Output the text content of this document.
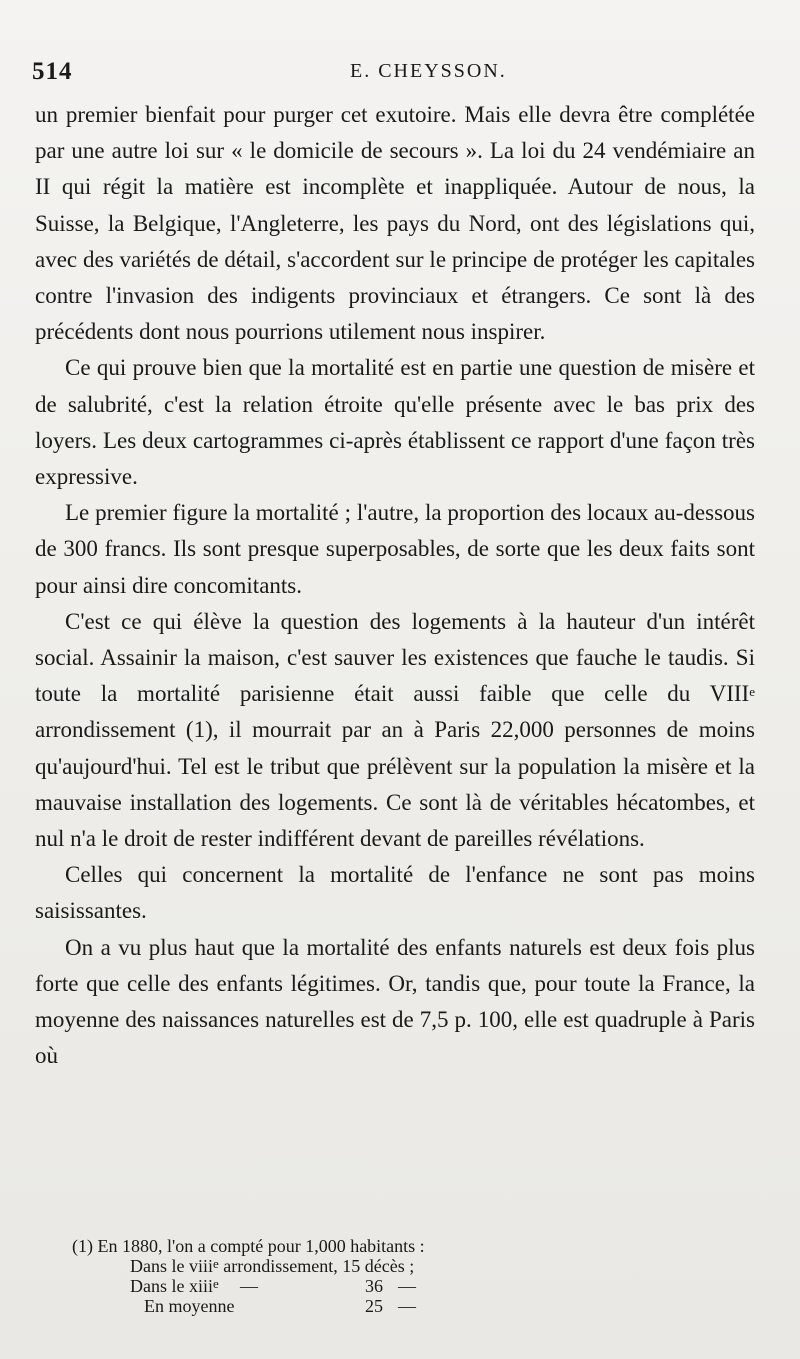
514	E. CHEYSSON.

un premier bienfait pour purger cet exutoire. Mais elle devra être complétée par une autre loi sur « le domicile de secours ». La loi du 24 vendémiaire an II qui régit la matière est incomplète et inappliquée. Autour de nous, la Suisse, la Belgique, l'Angleterre, les pays du Nord, ont des législations qui, avec des variétés de détail, s'accordent sur le principe de protéger les capitales contre l'invasion des indigents provinciaux et étrangers. Ce sont là des précédents dont nous pourrions utilement nous inspirer.

Ce qui prouve bien que la mortalité est en partie une question de misère et de salubrité, c'est la relation étroite qu'elle présente avec le bas prix des loyers. Les deux cartogrammes ci-après établissent ce rapport d'une façon très expressive.

Le premier figure la mortalité ; l'autre, la proportion des locaux au-dessous de 300 francs. Ils sont presque superposables, de sorte que les deux faits sont pour ainsi dire concomitants.

C'est ce qui élève la question des logements à la hauteur d'un intérêt social. Assainir la maison, c'est sauver les existences que fauche le taudis. Si toute la mortalité parisienne était aussi faible que celle du VIIIe arrondissement (1), il mourrait par an à Paris 22,000 personnes de moins qu'aujourd'hui. Tel est le tribut que prélèvent sur la population la misère et la mauvaise installation des logements. Ce sont là de véritables hécatombes, et nul n'a le droit de rester indifférent devant de pareilles révélations.

Celles qui concernent la mortalité de l'enfance ne sont pas moins saisissantes.

On a vu plus haut que la mortalité des enfants naturels est deux fois plus forte que celle des enfants légitimes. Or, tandis que, pour toute la France, la moyenne des naissances naturelles est de 7,5 p. 100, elle est quadruple à Paris où

(1) En 1880, l'on a compté pour 1,000 habitants :
Dans le viii$^e$ arrondissement, 15 décès ;
Dans le xiii$^e$ —	36 —
En moyenne	25 —
